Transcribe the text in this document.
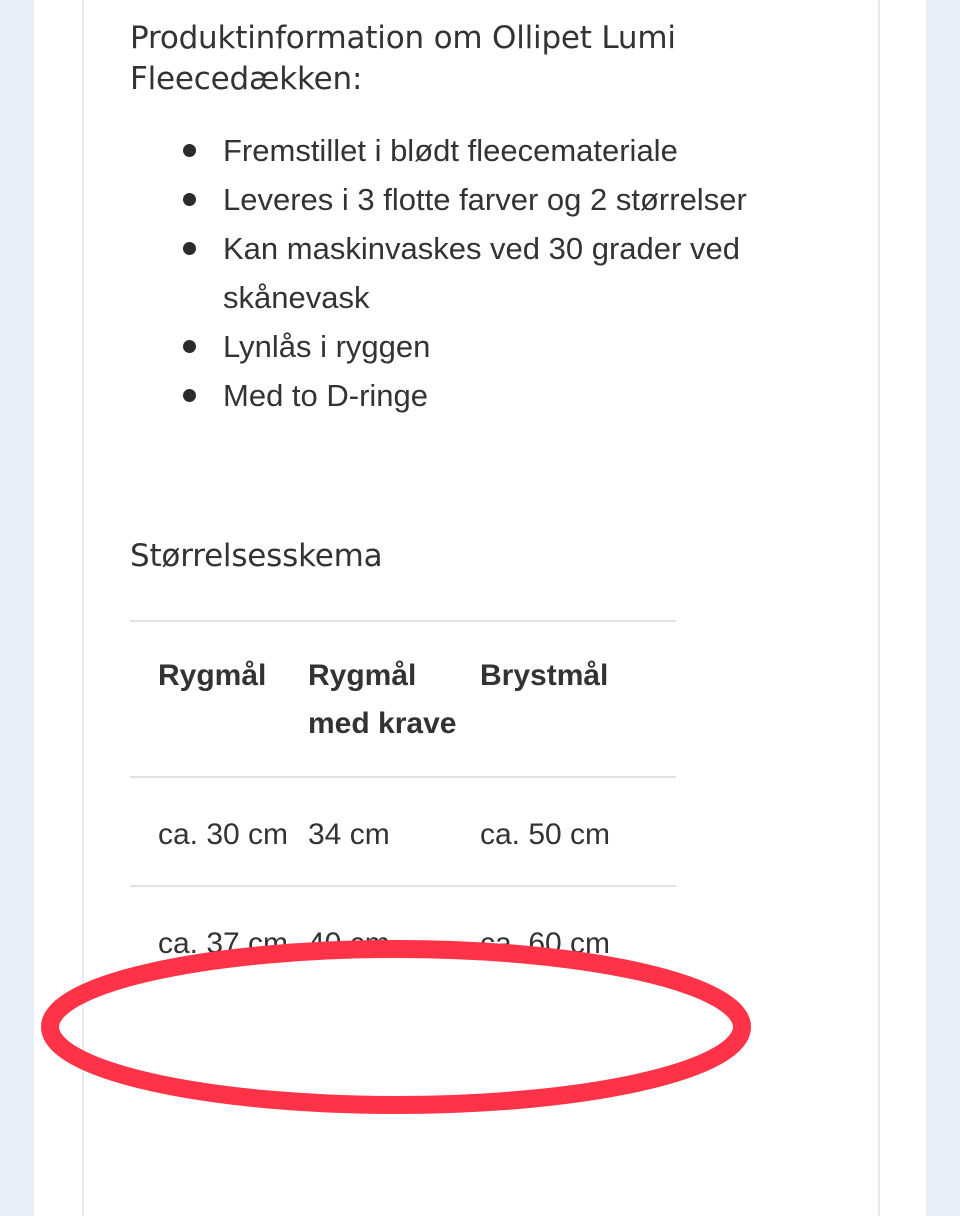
Produktinformation om Ollipet Lumi Fleecedækken:

Fremstillet i blødt fleecemateriale
Leveres i 3 flotte farver og 2 størrelser
Kan maskinvaskes ved 30 grader ved skånevask
Lynlås i ryggen
Med to D-ringe
Størrelsesskema
Rygmål	Rygmål med krave	Brystmål
ca. 30 cm	34 cm	ca. 50 cm
ca. 37 cm	40 cm	ca. 60 cm
